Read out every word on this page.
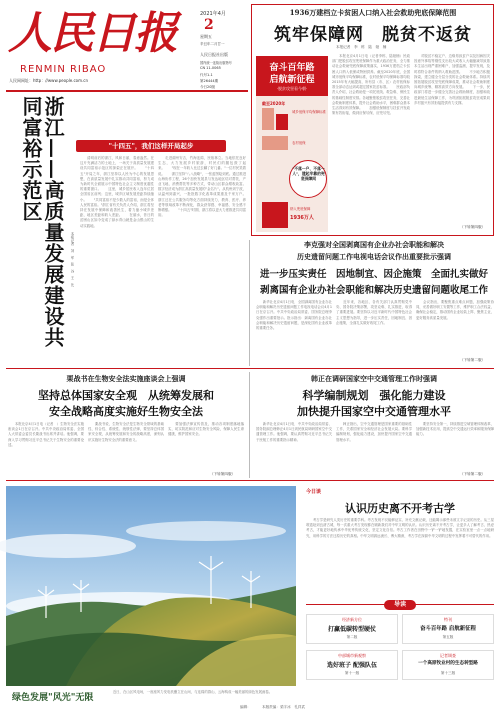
人民日报
RENMIN RIBAO
人民网网址：http：//www.people.com.cn
2021年4月
2
星期五
辛丑年二月廿一
人民日报社出版
国内统一连续出版物号
CN 11-0065
代号1-1
第26444期
今日20版
1936万建档立卡贫困人口纳入社会救助兜底保障范围
筑牢保障网　脱贫不返贫
本报记者　李　栋　陆　娅　楠
奋斗百年路
启航新征程
·脱贫攻坚看今朝·
截至2020年
城乡低保平均保障标准
农村低保
"不落一户、不落一人"，建起牢靠的兜底保障网
纳入兜底保障
1936万人
　　本报北京4月1日电（记者李栋、陆娅楠）民政部门把脱贫攻坚兜底保障作为重大政治任务，全力推动社会救助兜底保障政策落实，1936万建档立卡贫困人口纳入低保或特困供养。截至2020年底，全国城市低保平均保障标准，农村低保平均保障标准均较2015年有大幅提高，所有县（市、区）农村低保标准全部动态达到或超过国家扶贫标准。　　民政部负责人介绍，社会救助是一项托底线、救急难、保民生的基础性制度安排。各地聚焦脱贫攻坚任务，完善社会救助制度体系，提升社会救助水平，困难群众基本生活得到有效保障。　　加强低保制度与扶贫开发政策有效衔接，做到应保尽保、应兜尽兜。
　　对脱贫不稳定户、边缘易致贫户以及因病因灾因意外事故等刚性支出较大或收入大幅缩减导致基本生活出现严重困难户，加强监测，提早发现，及时将符合条件的纳入救助范围。　　不少地方积极探索，建立健全分层分类的社会救助体系。持续巩固拓展脱贫攻坚兜底保障成果，推动社会救助制度向城乡统筹、精准高效方向发展。　　下一步，民政部门将进一步健全完善社会救助制度，加强和改进最低生活保障工作，为巩固拓展脱贫攻坚成果同乡村振兴有效衔接提供有力支撑。
（下转第四版）
浙江——高质量发展建设共同富裕示范区	"十四五"，我们这样开局起步
本报记者　刘　军　张　谷　王　比
　　清明前后的浙江，风和日丽，春意盎然。在这片充满活力的土地上，一场关于高质量发展建设共同富裕示范区的探索正在展开。　　"十四五"开局之年，浙江坚持以人民为中心的发展思想，在高质量发展中扎实推动共同富裕，努力成为新时代全面展示中国特色社会主义制度优越性的重要窗口。　　这里，城乡居民收入连年位居全国省区前列；这里，城乡区域发展差距持续缩小。　　"共同富裕不是少数人的富裕，而是全体人民的富裕。"浙江省有关负责人介绍，浙江将坚持在发展中保障和改善民生，着力缩小城乡差距、地区差距和收入差距。　　在丽水，昔日的贫困山区如今变成了绿水青山就是金山银山的生动实践地。
　　走进湖州安吉，竹海连绵，民宿林立。当地依托良好生态，大力发展乡村旅游，村民们的腰包鼓了起来。　　"现在一年收入比过去翻了好几番。"一位村民笑着说。　　浙江坚持"八八战略"，一张蓝图绘到底。通过推进山海协作工程，26个加快发展县与发达地区结对帮扶，产业飞地、消费帮扶等多种方式，带动山区群众增收致富。　　数字经济成为浙江高质量发展的"金名片"。从杭州到宁波，从温州到嘉兴，一批批数字化改革成果惠及千家万户。　　浙江还在公共服务均等化方面持续发力，教育、医疗、养老等领域改革不断深化，群众获得感、幸福感、安全感不断增强。　　"十四五"时期，浙江将以更大力度推进共同富裕。
李克强对全国剥离国有企业办社会职能和解决
历史遗留问题工作电视电话会议作出重要批示强调
进一步压实责任　因地制宜、因企施策　全面扎实做好
剥离国有企业办社会职能和解决历史遗留问题收尾工作
　　新华社北京4月1日电　全国剥离国有企业办社会职能和解决历史遗留问题工作电视电话会议4月1日在京召开。中共中央政治局常委、国务院总理李克强作出重要批示。批示指出：剥离国有企业办社会职能和解决历史遗留问题，是深化国有企业改革的重要任务。
　　近年来，各地区、各有关部门认真贯彻党中央、国务院决策部署，攻坚克难、扎实推进，取得了重要进展。要坚持以习近平新时代中国特色社会主义思想为指导，进一步压实责任，因地制宜、因企施策，全面扎实做好收尾工作。
　　会议指出，要聚焦重点难点问题，加强政策协同，妥善做好职工安置等工作，维护职工合法权益，确保社会稳定，推动国有企业轻装上阵、聚焦主业，更好服务高质量发展。
（下转第二版）
栗战书在生物安全法实施座谈会上强调
坚持总体国家安全观　从统筹发展和
安全战略高度实施好生物安全法
　　本报北京4月1日电（记者　）生物安全法实施座谈会1日在京召开。中共中央政治局常委、全国人大常委会委员长栗战书出席并讲话。他强调，要深入学习贯彻习近平总书记关于生物安全的重要论述。
　　栗战书说，生物安全法是生物安全领域的基础性、综合性、系统性、统领性法律，要坚持总体国家安全观，从统筹发展和安全的战略高度，深刻认识实施好生物安全法的重要意义。
　　要加强法律宣传普及，推动各项制度落地落实，切实防范和应对生物安全风险，保障人民生命健康，维护国家安全。
（下转第四版）
韩正在调研国家空中交通管理工作时强调
科学编制规划　强化能力建设
加快提升国家空中交通管理水平
　　新华社北京4月1日电　中共中央政治局常委、国务院副总理韩正4月1日到民航局调研国家空中交通管理工作。他强调，要认真贯彻习近平总书记关于民航工作的重要指示精神。
　　韩正指出，空中交通管理是国家重要的基础性工作，关系国家安全和经济社会发展大局。要科学编制规划，强化能力建设，加快提升国家空中交通管理水平。
　　要坚持安全第一，持续推进空域管理体制改革，加强新技术应用，提高空中交通运行效率和服务保障能力。
（下转第二版）
绿色发展"风光"无限
　　近日，在山区风电场，一座座风力发电机矗立在山间，与连绵的群山、云海构成一幅美丽的绿色发展画卷。
今日谈
认识历史离不开考古学
　　考古学是研究人类历史的重要学科。考古发现不仅能够证实、补充文献记载，还能揭示那些未被文字记录的历史。从三星堆遗址到良渚古城，每一次重大考古发现都在刷新我们对中华文明的认识。认识历史离不开考古学，让更多人了解考古、热爱考古，才能更好地传承中华优秀传统文化，坚定文化自信。考古工作者在田野中一铲一铲地发掘，在实验室里一点一点地研究，用科学的方法还原历史的真相。中华文明源远流长、博大精深，考古学在探源中华文明的过程中发挥着不可替代的作用。
导读
经济新方位
打赢低碳转型硬仗
第二版
特刊
奋斗百年路 启航新征程
第五版
中部城市新观察
选好班子 配强队伍
第十一版
记者调查
一个高原牧业村的生态转型路
第十三版
编辑：	本版责编：梁宇冰　孔祥武
